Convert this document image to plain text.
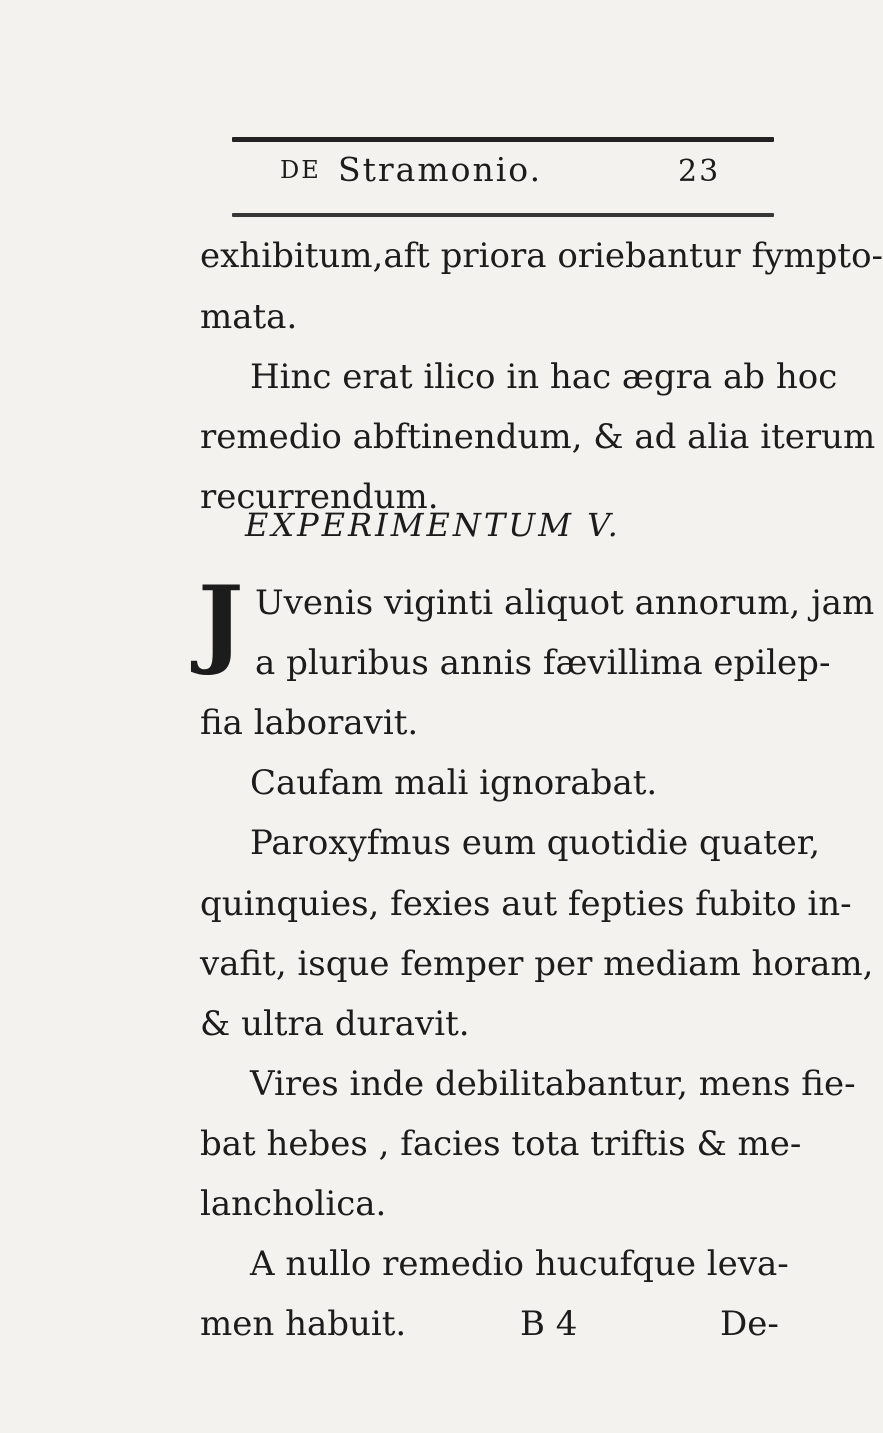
DE Stramonio.	23
exhibitum,aft priora oriebantur fympto-
mata.
Hinc erat ilico in hac ægra ab hoc
remedio abftinendum, & ad alia iterum
recurrendum.
EXPERIMENTUM V.
J Uvenis viginti aliquot annorum, jam
a pluribus annis fævillima epilep-
fia laboravit.
Caufam mali ignorabat.
Paroxyfmus eum quotidie quater,
quinquies, fexies aut fepties fubito in-
vafit, isque femper per mediam horam,
& ultra duravit.
Vires inde debilitabantur, mens fie-
bat hebes , facies tota triftis & me-
lancholica.
A nullo remedio hucufque leva-
men habuit.	B 4	De-
